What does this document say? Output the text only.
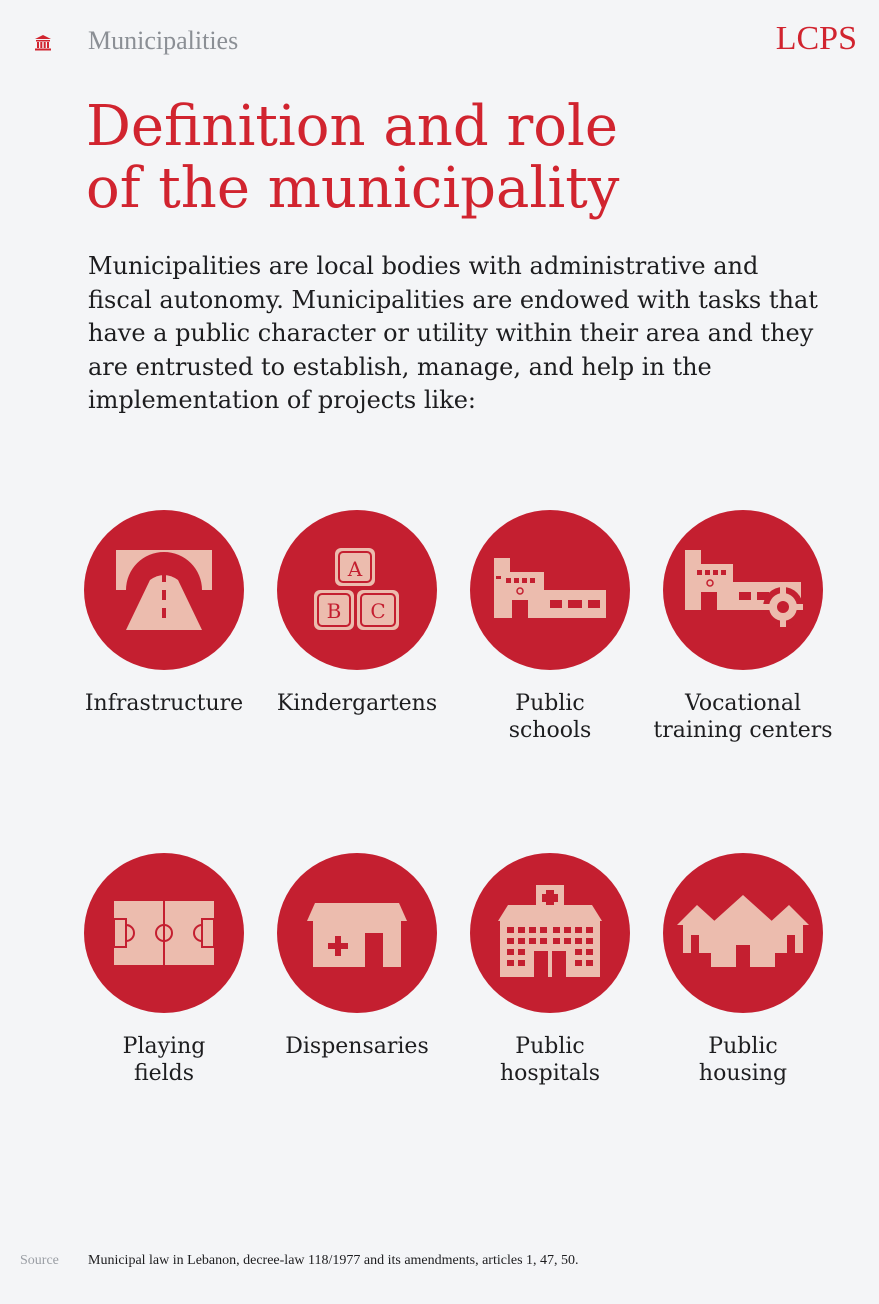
Municipalities	LCPS
Definition and role
of the municipality

Municipalities are local bodies with administrative and fiscal autonomy. Municipalities are endowed with tasks that have a public character or utility within their area and they are entrusted to establish, manage, and help in the implementation of projects like:

Infrastructure
A
B C
Kindergartens	Public
schools
Vocational
training centers
Playing
fields
Dispensaries	Public
hospitals
Public
housing
Source Municipal law in Lebanon, decree-law 118/1977 and its amendments, articles 1, 47, 50.
